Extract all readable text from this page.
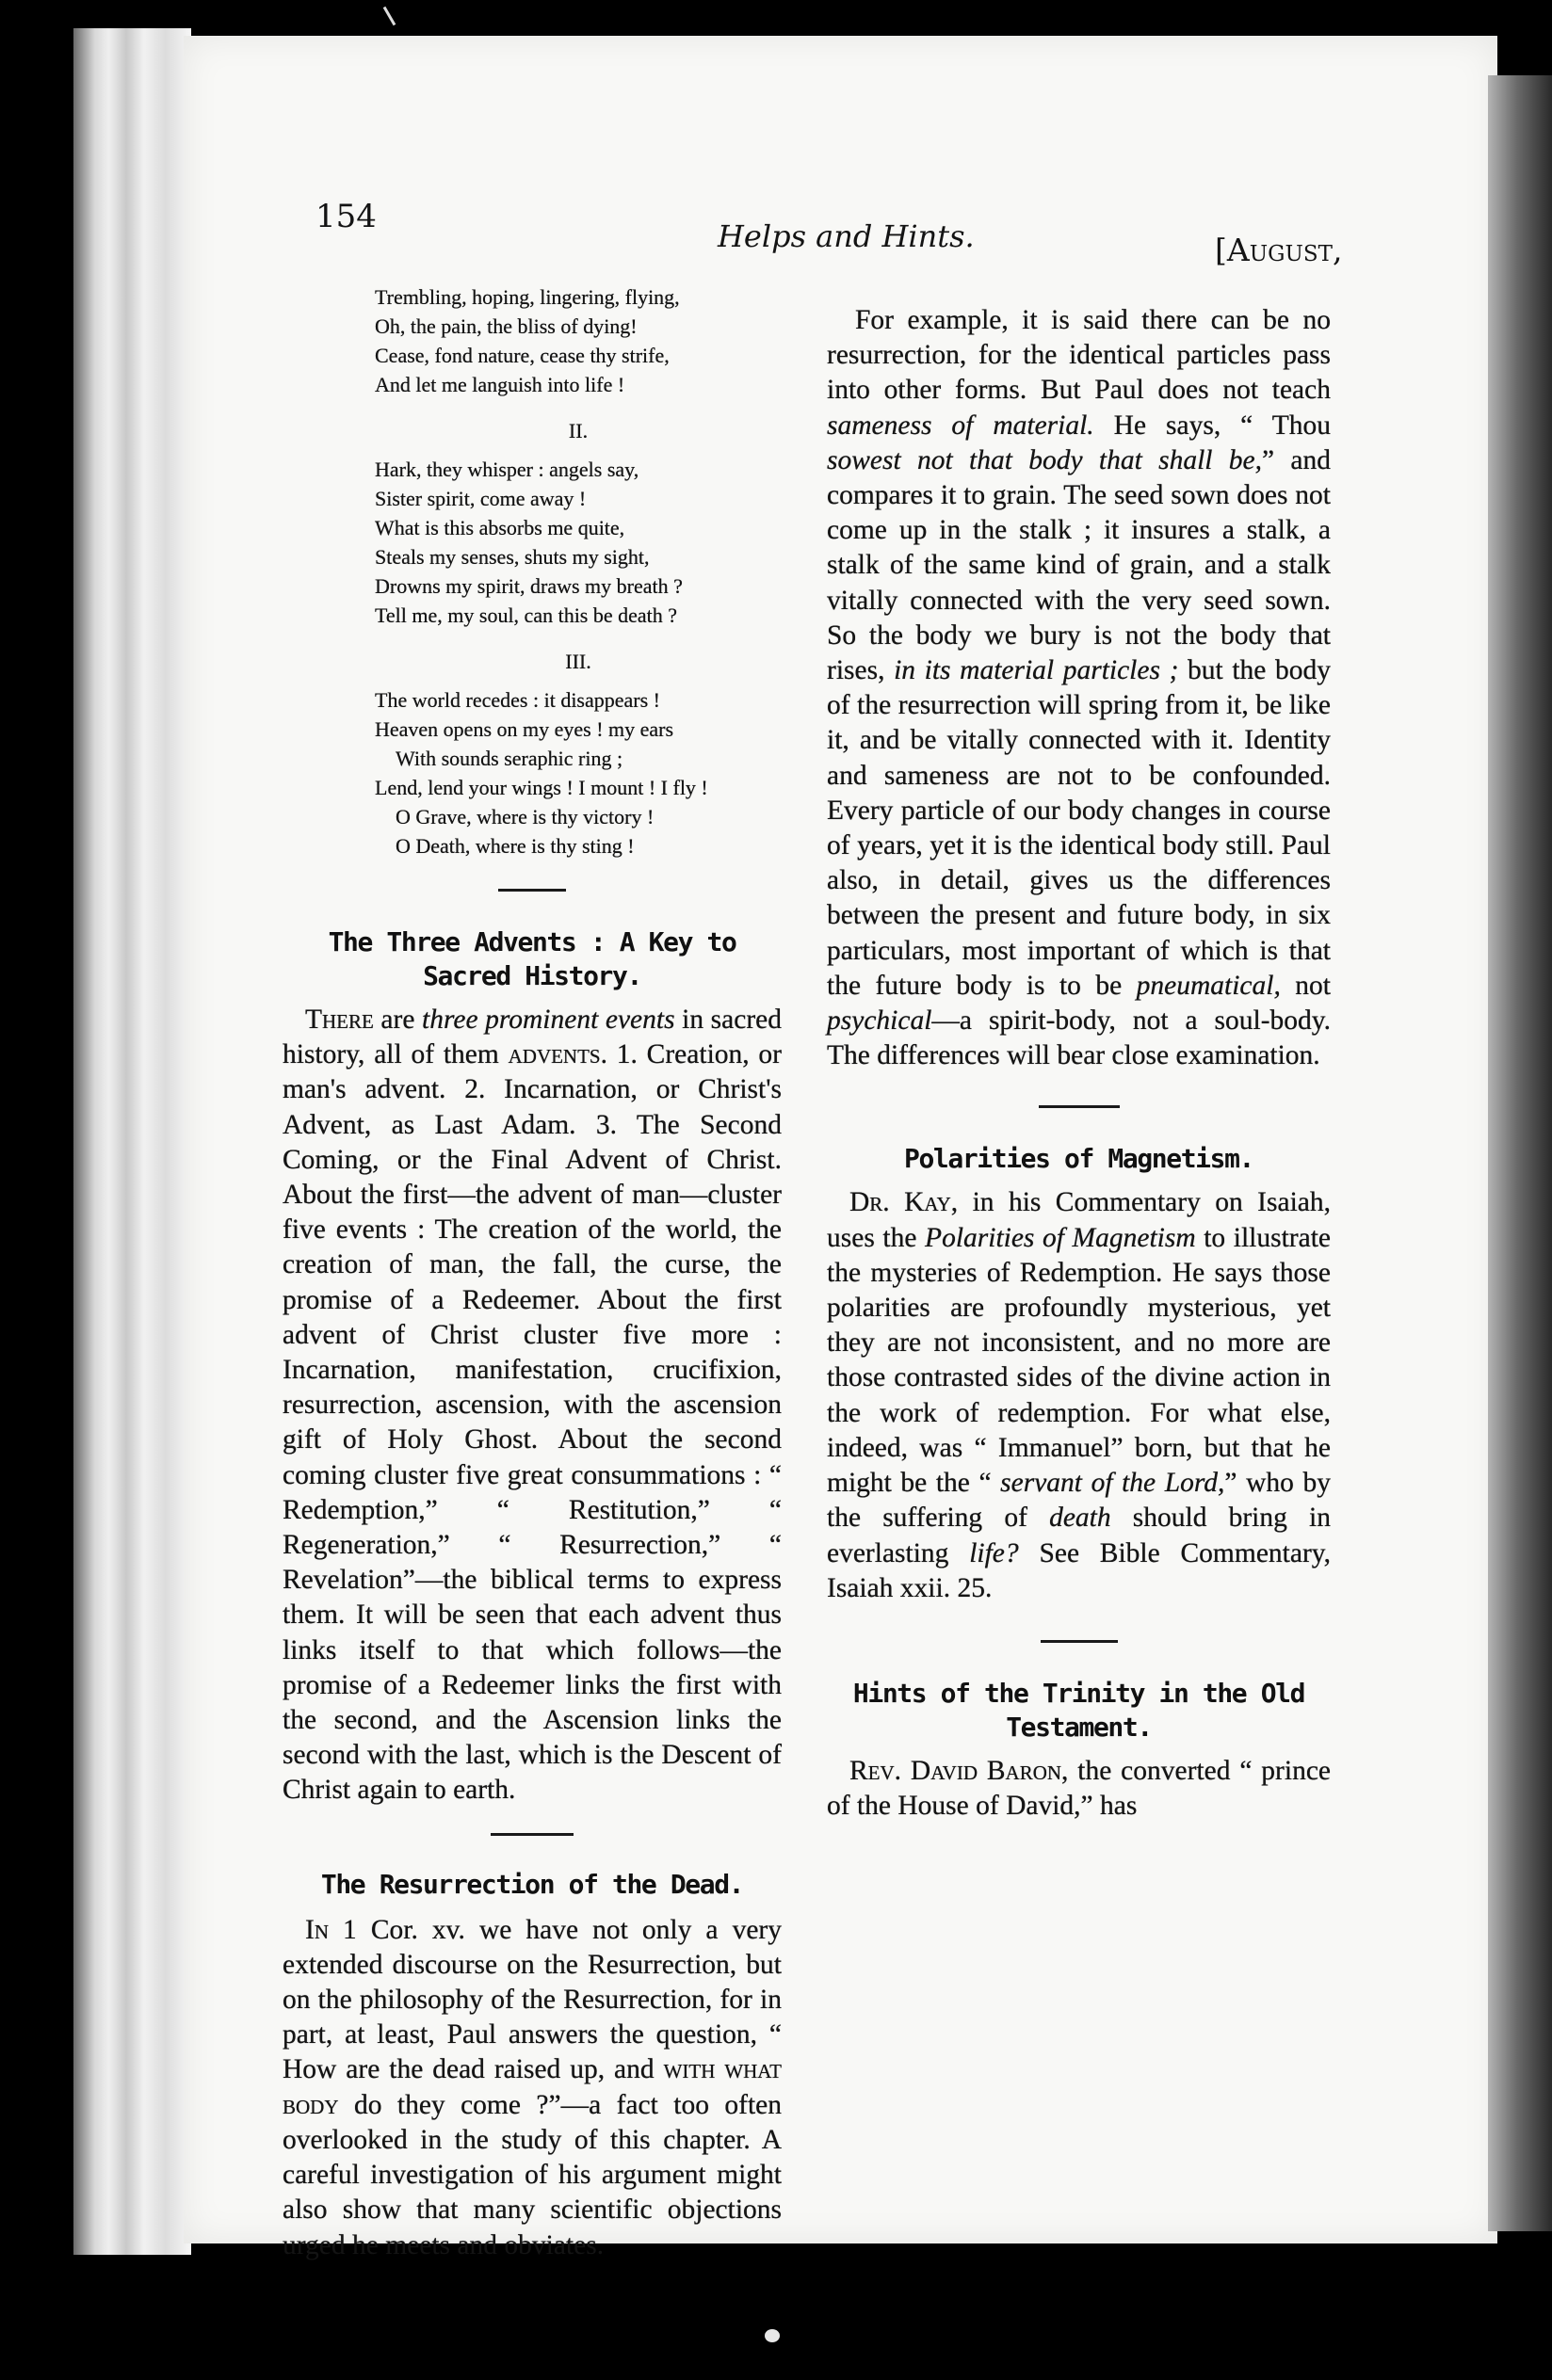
154
Helps and Hints.	[August,
Trembling, hoping, lingering, flying,
Oh, the pain, the bliss of dying!
Cease, fond nature, cease thy strife,
And let me languish into life !
II.
Hark, they whisper : angels say,
Sister spirit, come away !
What is this absorbs me quite,
Steals my senses, shuts my sight,
Drowns my spirit, draws my breath ?
Tell me, my soul, can this be death ?
III.
The world recedes : it disappears !
Heaven opens on my eyes ! my ears
With sounds seraphic ring ;
Lend, lend your wings ! I mount ! I fly !
O Grave, where is thy victory !
O Death, where is thy sting !
The Three Advents : A Key to Sacred History.

There are three prominent events in sacred history, all of them advents. 1. Creation, or man's advent. 2. Incarnation, or Christ's Advent, as Last Adam. 3. The Second Coming, or the Final Advent of Christ. About the first—the advent of man—cluster five events : The creation of the world, the creation of man, the fall, the curse, the promise of a Redeemer. About the first advent of Christ cluster five more : Incarnation, manifestation, crucifixion, resurrection, ascension, with the ascension gift of Holy Ghost. About the second coming cluster five great consummations : “ Redemption,” “ Restitution,” “ Regeneration,” “ Resurrection,” “ Revelation”—the biblical terms to express them. It will be seen that each advent thus links itself to that which follows—the promise of a Redeemer links the first with the second, and the Ascension links the second with the last, which is the Descent of Christ again to earth.

The Resurrection of the Dead.

In 1 Cor. xv. we have not only a very extended discourse on the Resurrection, but on the philosophy of the Resurrection, for in part, at least, Paul answers the question, “ How are the dead raised up, and with what body do they come ?”—a fact too often overlooked in the study of this chapter. A careful investigation of his argument might also show that many scientific objections urged he meets and obviates.

For example, it is said there can be no resurrection, for the identical particles pass into other forms. But Paul does not teach sameness of material. He says, “ Thou sowest not that body that shall be,” and compares it to grain. The seed sown does not come up in the stalk ; it insures a stalk, a stalk of the same kind of grain, and a stalk vitally connected with the very seed sown. So the body we bury is not the body that rises, in its material particles ; but the body of the resurrection will spring from it, be like it, and be vitally connected with it. Identity and sameness are not to be confounded. Every particle of our body changes in course of years, yet it is the identical body still. Paul also, in detail, gives us the differences between the present and future body, in six particulars, most important of which is that the future body is to be pneumatical, not psychical—a spirit-body, not a soul-body. The differences will bear close examination.

Polarities of Magnetism.

Dr. Kay, in his Commentary on Isaiah, uses the Polarities of Magnetism to illustrate the mysteries of Redemption. He says those polarities are profoundly mysterious, yet they are not inconsistent, and no more are those contrasted sides of the divine action in the work of redemption. For what else, indeed, was “ Immanuel” born, but that he might be the “ servant of the Lord,” who by the suffering of death should bring in everlasting life? See Bible Commentary, Isaiah xxii. 25.

Hints of the Trinity in the Old Testament.

Rev. David Baron, the converted “ prince of the House of David,” has
